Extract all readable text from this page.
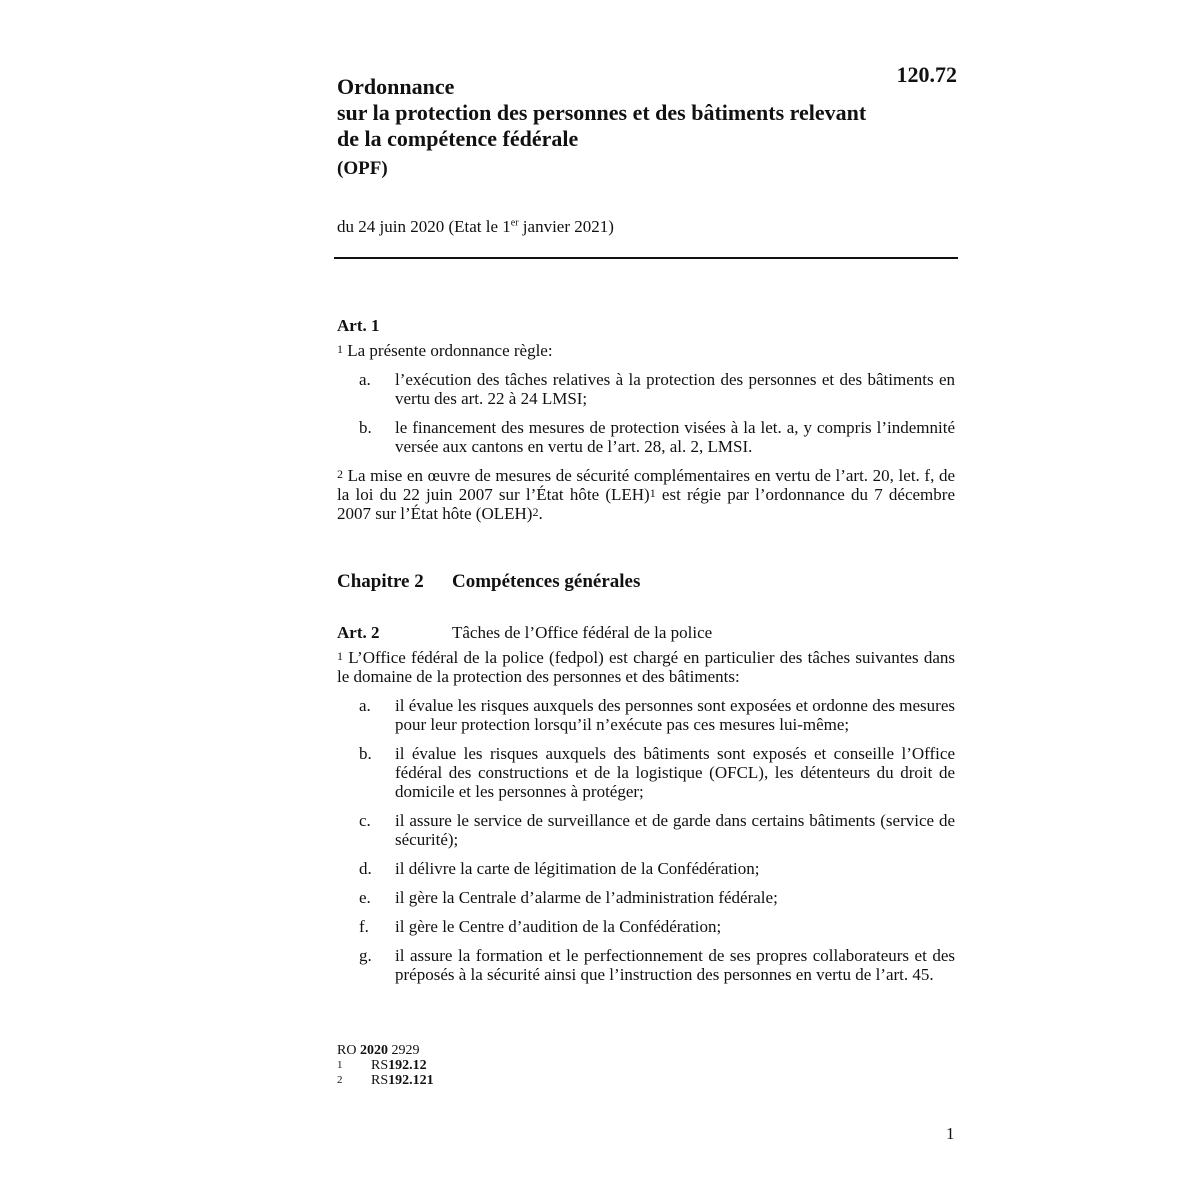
120.72
Ordonnance
sur la protection des personnes et des bâtiments relevant
de la compétence fédérale
(OPF)
du 24 juin 2020 (Etat le 1er janvier 2021)
Art. 1

$^1$ La présente ordonnance règle:

a.	l’exécution des tâches relatives à la protection des personnes et des bâtiments en vertu des art. 22 à 24 LMSI;
b.	le financement des mesures de protection visées à la let. a, y compris l’indemnité versée aux cantons en vertu de l’art. 28, al. 2, LMSI.

$^2$ La mise en œuvre de mesures de sécurité complémentaires en vertu de l’art. 20, let. f, de la loi du 22 juin 2007 sur l’État hôte (LEH)$^1$ est régie par l’ordonnance du 7 décembre 2007 sur l’État hôte (OLEH)$^2$.

Chapitre 2	Compétences générales
Art. 2	Tâches de l’Office fédéral de la police

$^1$ L’Office fédéral de la police (fedpol) est chargé en particulier des tâches suivantes dans le domaine de la protection des personnes et des bâtiments:

a.	il évalue les risques auxquels des personnes sont exposées et ordonne des mesures pour leur protection lorsqu’il n’exécute pas ces mesures lui-même;
b.	il évalue les risques auxquels des bâtiments sont exposés et conseille l’Office fédéral des constructions et de la logistique (OFCL), les détenteurs du droit de domicile et les personnes à protéger;
c.	il assure le service de surveillance et de garde dans certains bâtiments (service de sécurité);
d.	il délivre la carte de légitimation de la Confédération;
e.	il gère la Centrale d’alarme de l’administration fédérale;
f.	il gère le Centre d’audition de la Confédération;
g.	il assure la formation et le perfectionnement de ses propres collaborateurs et des préposés à la sécurité ainsi que l’instruction des personnes en vertu de l’art. 45.
RO 2020 2929
1	RS 192.12
2	RS 192.121
1
